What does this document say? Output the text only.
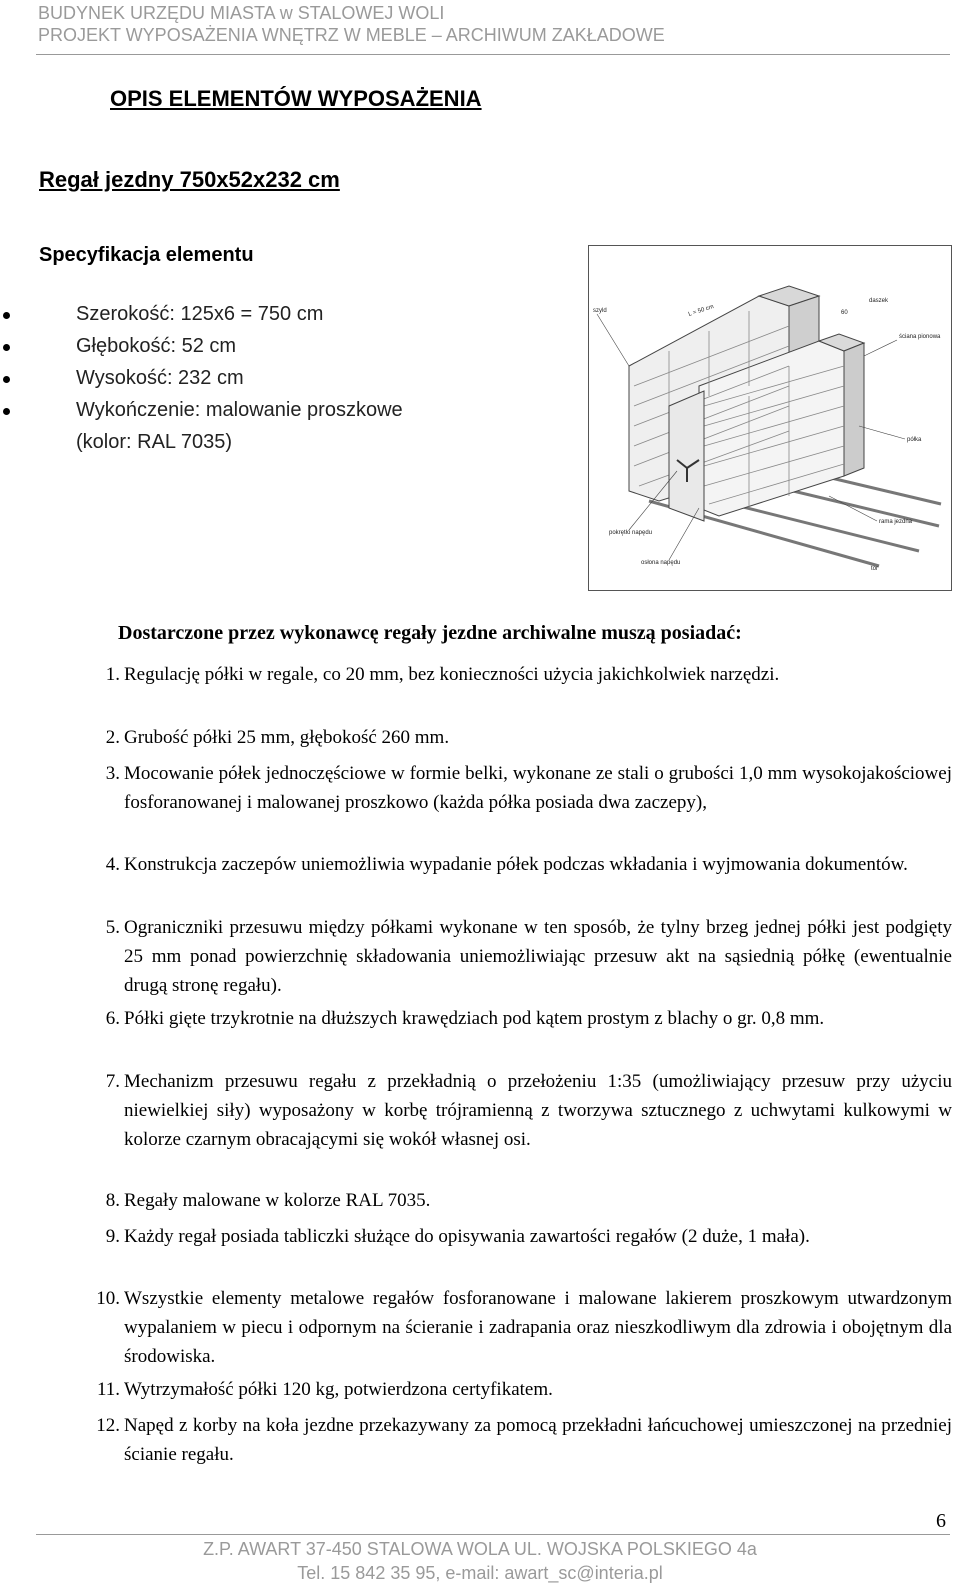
BUDYNEK URZĘDU MIASTA w STALOWEJ WOLI
PROJEKT WYPOSAŻENIA WNĘTRZ W MEBLE – ARCHIWUM ZAKŁADOWE
OPIS ELEMENTÓW WYPOSAŻENIA
Regał jezdny 750x52x232 cm
Specyfikacja elementu
Szerokość: 125x6 = 750 cm
Głębokość: 52 cm
Wysokość: 232 cm
Wykończenie: malowanie proszkowe (kolor: RAL 7035)
szyld	L = 50 cm	60
daszek
ściana pionowa
półka
rama jezdna
pokrętło napędu
osłona napędu
tor
Dostarczone przez wykonawcę regały jezdne archiwalne muszą posiadać:
1. Regulację półki w regale, co 20 mm, bez konieczności użycia jakichkolwiek narzędzi.
2. Grubość półki 25 mm, głębokość 260 mm.
3. Mocowanie półek jednoczęściowe w formie belki, wykonane ze stali o grubości 1,0 mm wysokojakościowej fosforanowanej i malowanej proszkowo (każda półka posiada dwa zaczepy),
4. Konstrukcja zaczepów uniemożliwia wypadanie półek podczas wkładania i wyjmowania dokumentów.
5. Ograniczniki przesuwu między półkami wykonane w ten sposób, że tylny brzeg jednej półki jest podgięty 25 mm ponad powierzchnię składowania uniemożliwiając przesuw akt na sąsiednią półkę (ewentualnie drugą stronę regału).
6. Półki gięte trzykrotnie na dłuższych krawędziach pod kątem prostym z blachy o gr. 0,8 mm.
7. Mechanizm przesuwu regału z przekładnią o przełożeniu 1:35 (umożliwiający przesuw przy użyciu niewielkiej siły) wyposażony w korbę trójramienną z tworzywa sztucznego z uchwytami kulkowymi w kolorze czarnym obracającymi się wokół własnej osi.
8. Regały malowane w kolorze RAL 7035.
9. Każdy regał posiada tabliczki służące do opisywania zawartości regałów (2 duże, 1 mała).
10. Wszystkie elementy metalowe regałów fosforanowane i malowane lakierem proszkowym utwardzonym wypalaniem w piecu i odpornym na ścieranie i zadrapania oraz nieszkodliwym dla zdrowia i obojętnym dla środowiska.
11. Wytrzymałość półki 120 kg, potwierdzona certyfikatem.
12. Napęd z korby na koła jezdne przekazywany za pomocą przekładni łańcuchowej umieszczonej na przedniej ścianie regału.
6
Z.P. AWART 37-450 STALOWA WOLA UL. WOJSKA POLSKIEGO 4a
Tel. 15 842 35 95, e-mail: awart_sc@interia.pl
